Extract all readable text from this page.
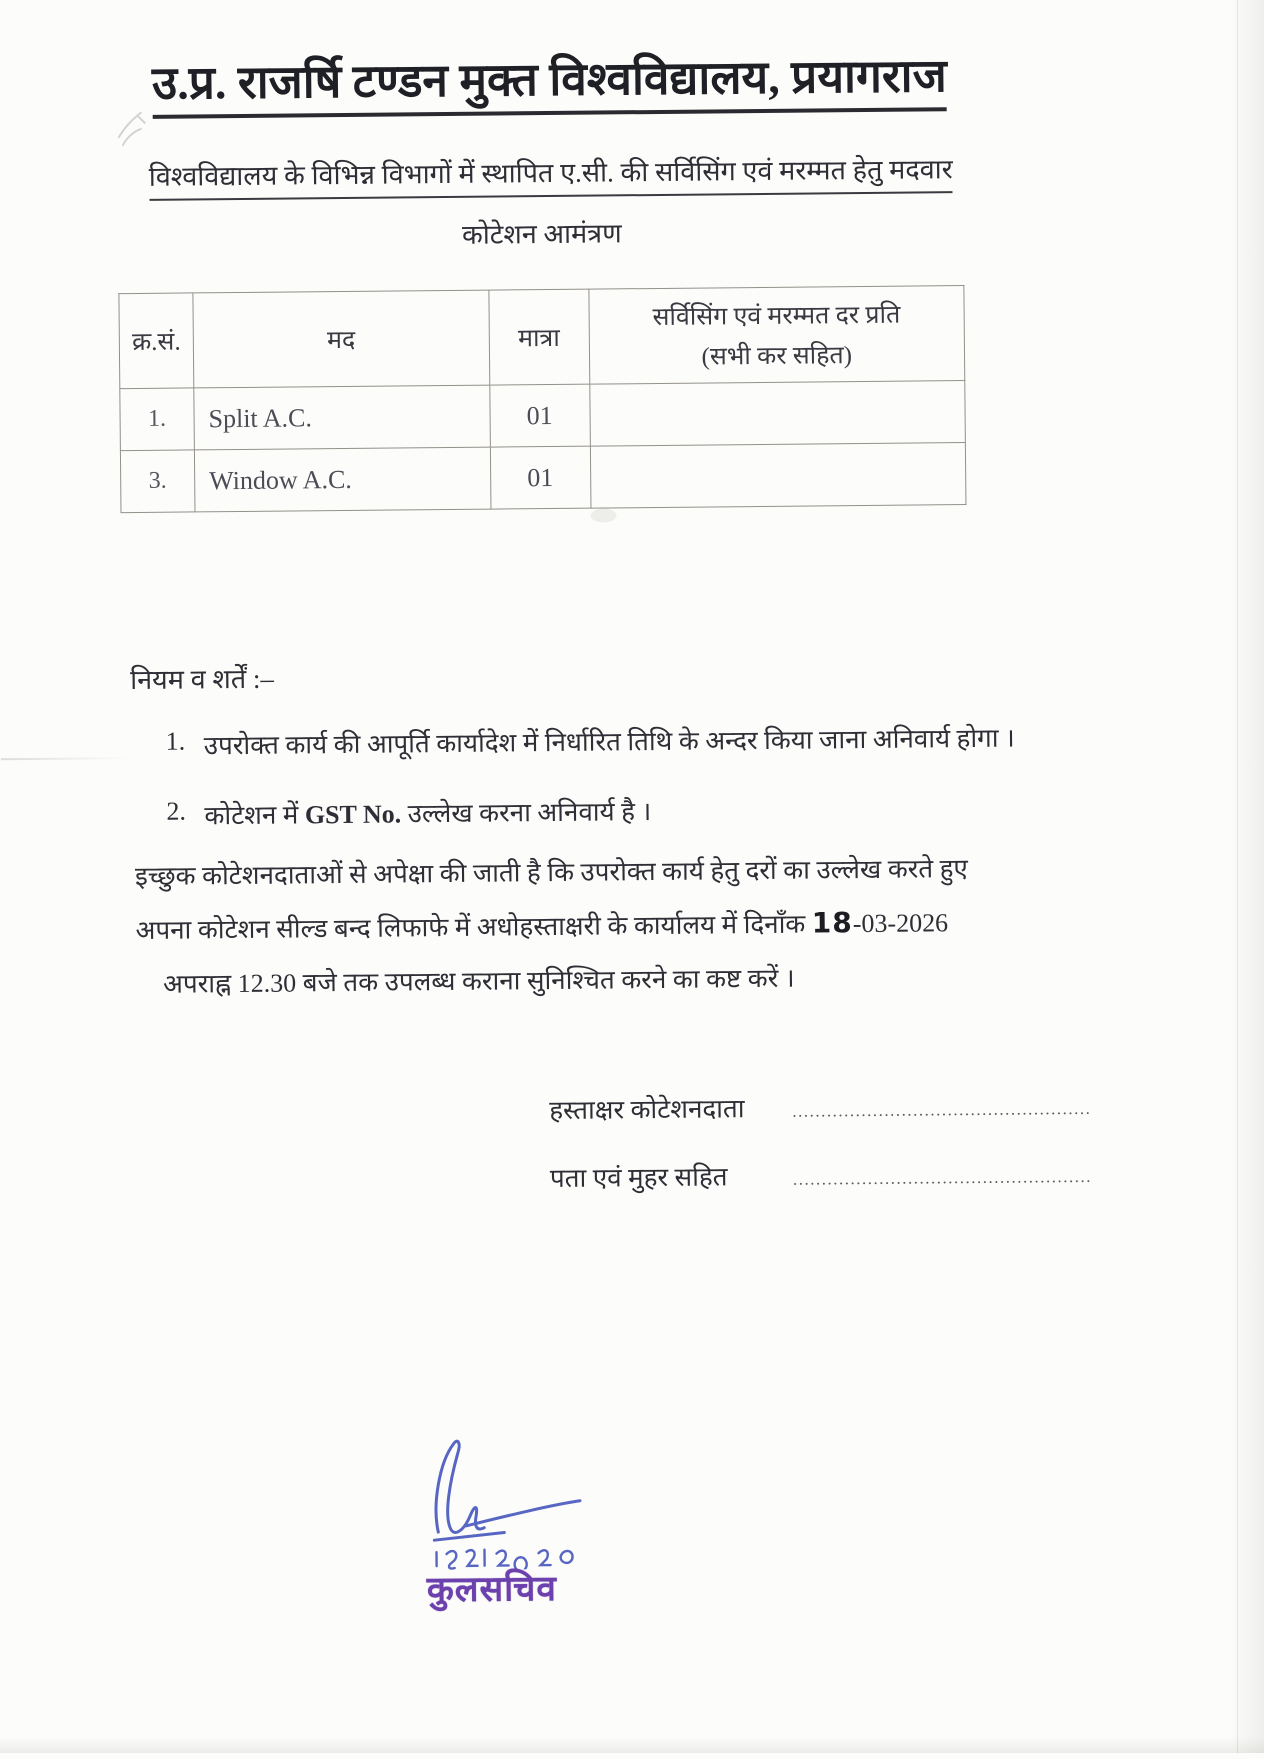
उ.प्र. राजर्षि टण्डन मुक्त विश्वविद्यालय, प्रयागराज
विश्वविद्यालय के विभिन्न विभागों में स्थापित ए.सी. की सर्विसिंग एवं मरम्मत हेतु मदवार
कोटेशन आमंत्रण
क्र.सं.	मद	मात्रा	सर्विसिंग एवं मरम्मत दर प्रति
(सभी कर सहित)

1.	Split A.C.	01	
3.	Window A.C.	01	
नियम व शर्तें :–
1. उपरोक्त कार्य की आपूर्ति कार्यादेश में निर्धारित तिथि के अन्दर किया जाना अनिवार्य होगा ।
2. कोटेशन में GST No. उल्लेख करना अनिवार्य है ।
इच्छुक कोटेशनदाताओं से अपेक्षा की जाती है कि उपरोक्त कार्य हेतु दरों का उल्लेख करते हुए
अपना कोटेशन सील्ड बन्द लिफाफे में अधोहस्ताक्षरी के कार्यालय में दिनाँक 18-03-2026
अपराह्न 12.30 बजे तक उपलब्ध कराना सुनिश्चित करने का कष्ट करें ।
हस्ताक्षर कोटेशनदाता	....................................................
पता एवं मुहर सहित	....................................................
कुलसचिव
